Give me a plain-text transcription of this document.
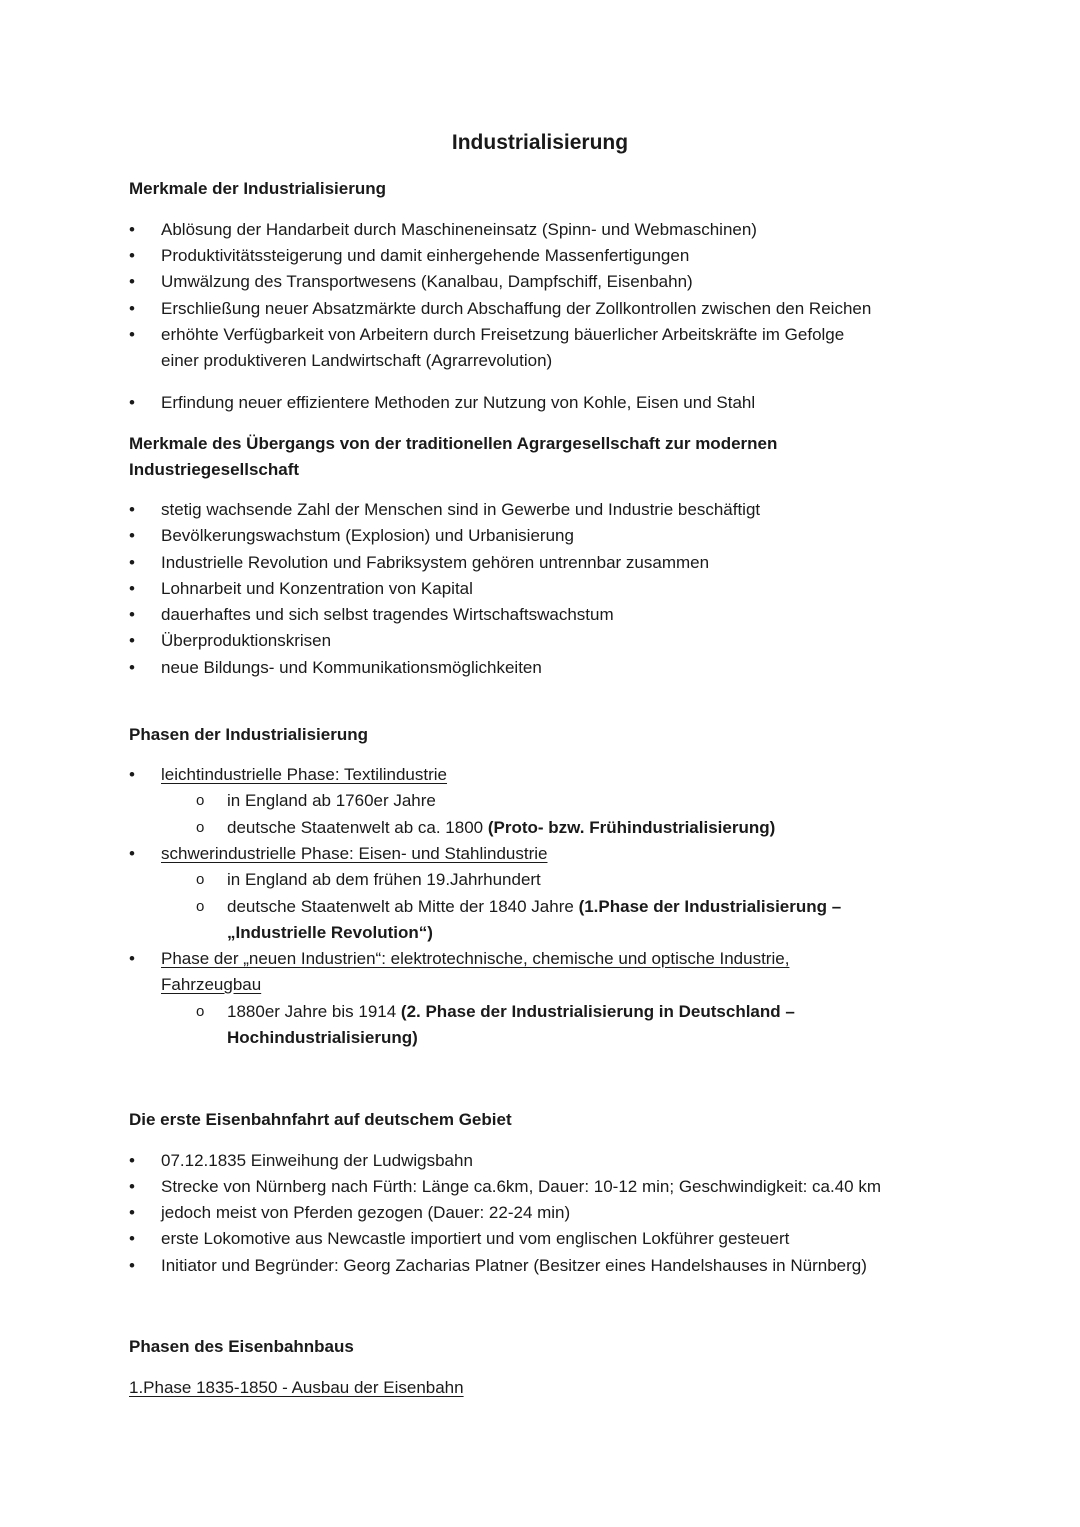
Industrialisierung
Merkmale der Industrialisierung
• Ablösung der Handarbeit durch Maschineneinsatz (Spinn- und Webmaschinen)
• Produktivitätssteigerung und damit einhergehende Massenfertigungen
• Umwälzung des Transportwesens (Kanalbau, Dampfschiff, Eisenbahn)
• Erschließung neuer Absatzmärkte durch Abschaffung der Zollkontrollen zwischen den Reichen
• erhöhte Verfügbarkeit von Arbeitern durch Freisetzung bäuerlicher Arbeitskräfte im Gefolge
einer produktiveren Landwirtschaft (Agrarrevolution)
• Erfindung neuer effizientere Methoden zur Nutzung von Kohle, Eisen und Stahl
Merkmale des Übergangs von der traditionellen Agrargesellschaft zur modernen
Industriegesellschaft
• stetig wachsende Zahl der Menschen sind in Gewerbe und Industrie beschäftigt
• Bevölkerungswachstum (Explosion) und Urbanisierung
• Industrielle Revolution und Fabriksystem gehören untrennbar zusammen
• Lohnarbeit und Konzentration von Kapital
• dauerhaftes und sich selbst tragendes Wirtschaftswachstum
• Überproduktionskrisen
• neue Bildungs- und Kommunikationsmöglichkeiten
Phasen der Industrialisierung
• leichtindustrielle Phase: Textilindustrie
o in England ab 1760er Jahre
o deutsche Staatenwelt ab ca. 1800 (Proto- bzw. Frühindustrialisierung)
• schwerindustrielle Phase: Eisen- und Stahlindustrie
o in England ab dem frühen 19.Jahrhundert
o deutsche Staatenwelt ab Mitte der 1840 Jahre (1.Phase der Industrialisierung –
„Industrielle Revolution“)
• Phase der „neuen Industrien“: elektrotechnische, chemische und optische Industrie,
Fahrzeugbau
o 1880er Jahre bis 1914 (2. Phase der Industrialisierung in Deutschland –
Hochindustrialisierung)
Die erste Eisenbahnfahrt auf deutschem Gebiet
• 07.12.1835 Einweihung der Ludwigsbahn
• Strecke von Nürnberg nach Fürth: Länge ca.6km, Dauer: 10-12 min; Geschwindigkeit: ca.40 km
• jedoch meist von Pferden gezogen (Dauer: 22-24 min)
• erste Lokomotive aus Newcastle importiert und vom englischen Lokführer gesteuert
• Initiator und Begründer: Georg Zacharias Platner (Besitzer eines Handelshauses in Nürnberg)
Phasen des Eisenbahnbaus
1.Phase 1835-1850 - Ausbau der Eisenbahn
